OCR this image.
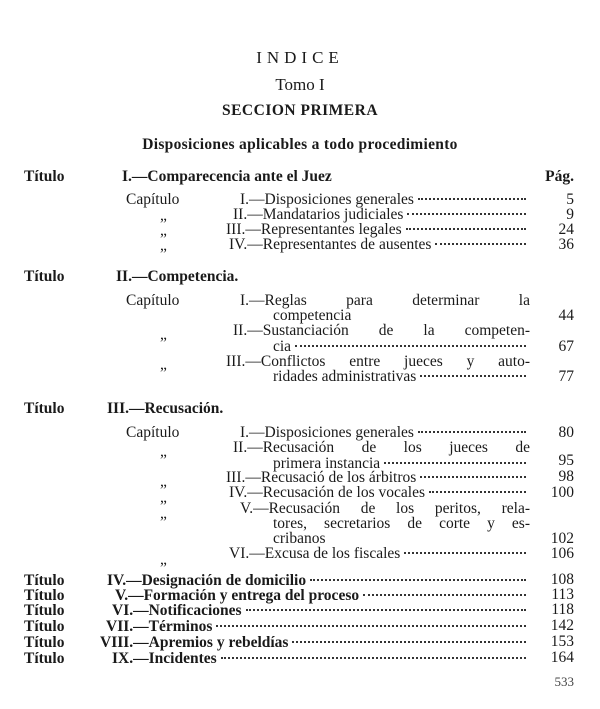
INDICE
Tomo I
SECCION PRIMERA
Disposiciones aplicables a todo procedimiento
Título	I.—Comparecencia ante el Juez	Pág.
Capítulo	I.—Disposiciones generales	5
„	II.—Mandatarios judiciales	9
„	III.—Representantes legales	24
„	IV.—Representantes de ausentes	36
Título	II.—Competencia.
Capítulo	I.—Reglas para determinar la
competencia	44
„	II.—Sustanciación de la competen-
cia	67
„	III.—Conflictos entre jueces y auto-
ridades administrativas	77
Título	III.—Recusación.
Capítulo	I.—Disposiciones generales	80
„	II.—Recusación de los jueces de
primera instancia	95
„	III.—Recusació de los árbitros	98
„	IV.—Recusación de los vocales	100
„	V.—Recusación de los peritos, rela-
tores, secretarios de corte y es-
cribanos	102
„	VI.—Excusa de los fiscales	106
Título	IV.—Designación de domicilio	108
Título	V.—Formación y entrega del proceso	113
Título	VI.—Notificaciones	118
Título	VII.—Términos	142
Título VIII.—Apremios y rebeldías	153
Título	IX.—Incidentes	164
533
